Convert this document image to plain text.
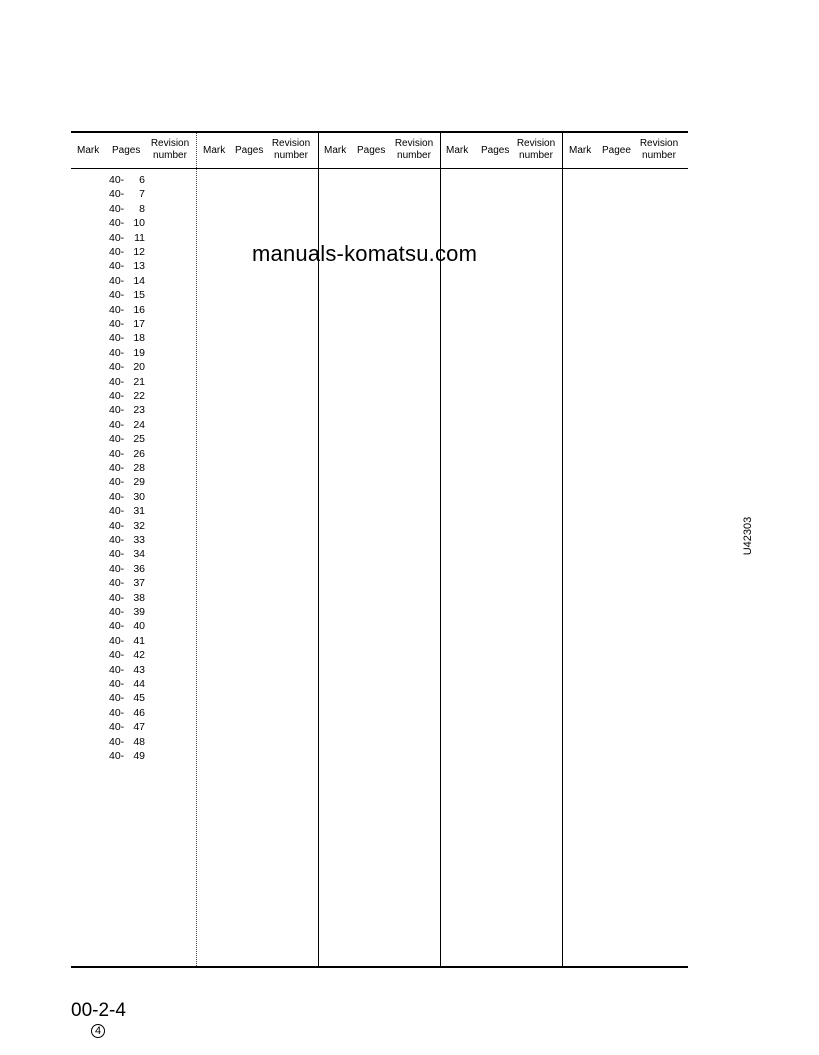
Mark Pages
Revision
number	Mark Pages
Revision
number	Mark Pages
Revision
number	Mark Pages
Revision
number	Mark Pagee
Revision
number
40- 6
40- 7
40- 8
40- 10
40- 11
40- 12
40- 13
40- 14
40- 15
40- 16
40- 17
40- 18
40- 19
40- 20
40- 21
40- 22
40- 23
40- 24
40- 25
40- 26
40- 28
40- 29
40- 30
40- 31
40- 32
40- 33
40- 34
40- 36
40- 37
40- 38
40- 39
40- 40
40- 41
40- 42
40- 43
40- 44
40- 45
40- 46
40- 47
40- 48
40- 49
manuals-komatsu.com
U42303
00-2-4
4
